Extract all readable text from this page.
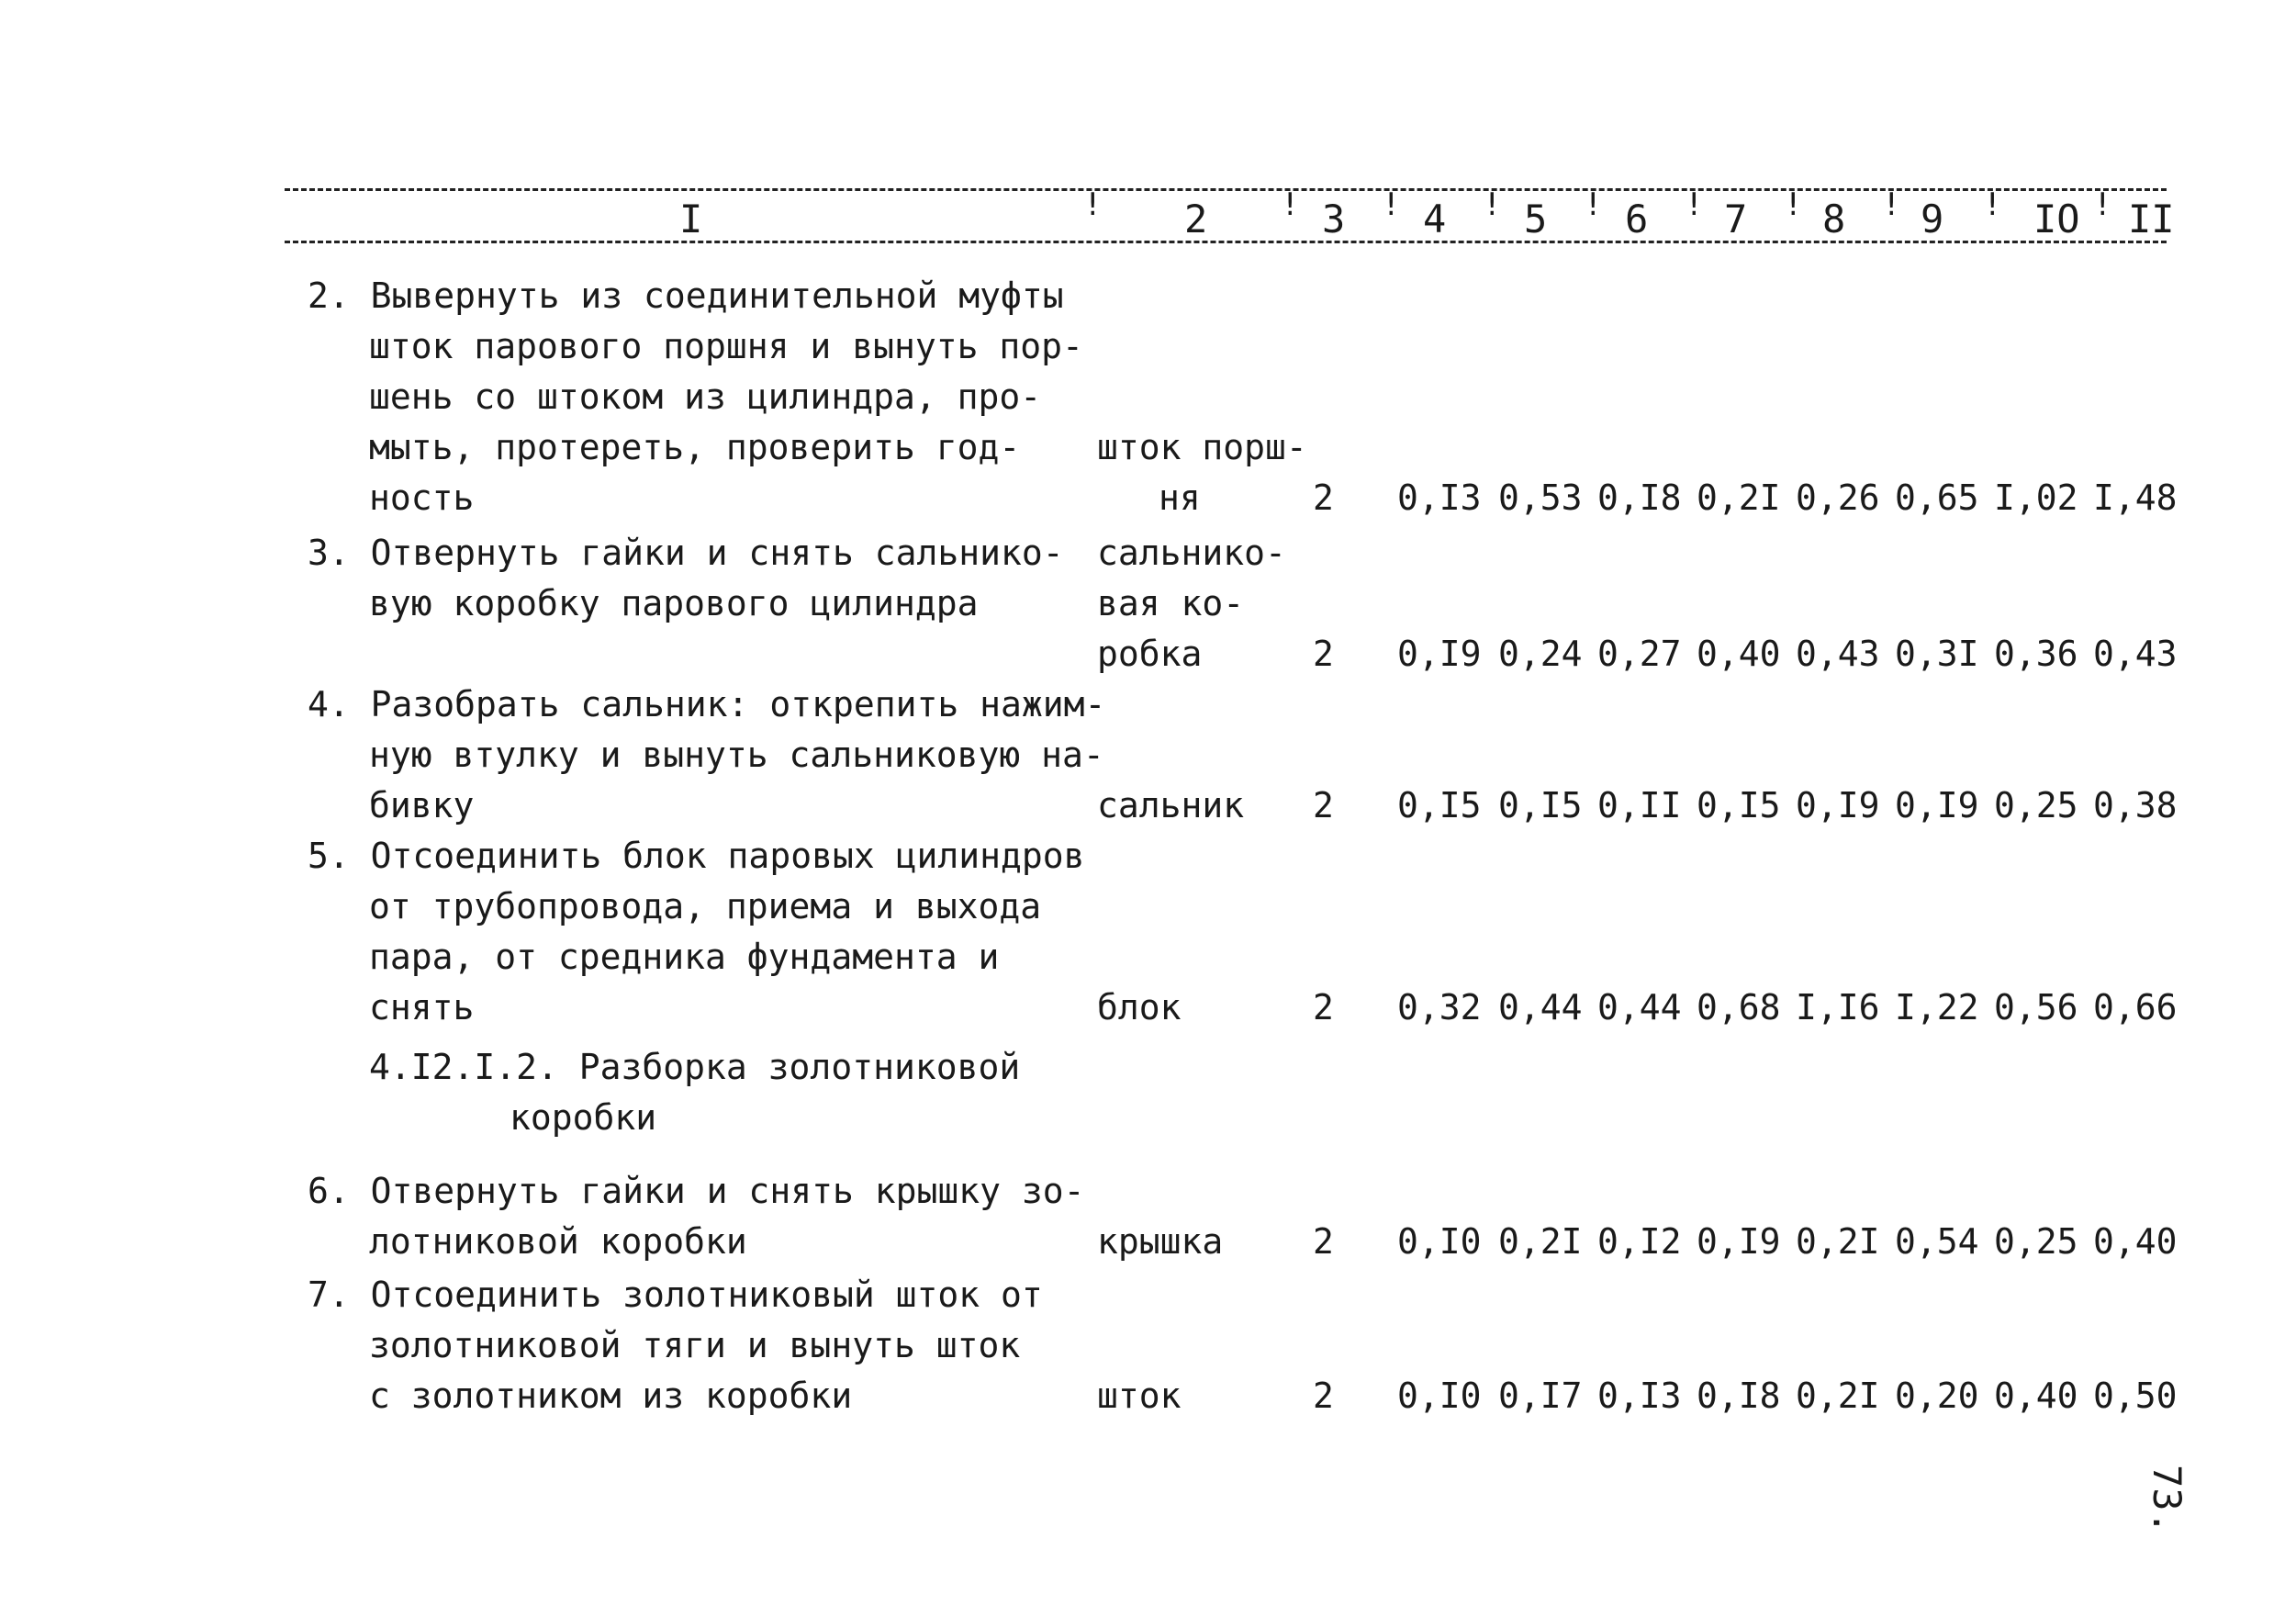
I	2	3 4 5 6 7 8 9 IO II
!	!	!	!	!	!	!	!	!	!
2. Вывернуть из соединительной муфты
шток парового поршня и вынуть пор-
шень со штоком из цилиндра, про-
мыть, протереть, проверить год-
ность
шток порш-
ня	2 0,I3 0,53 0,I8 0,2I 0,26 0,65 I,02 I,48
3. Отвернуть гайки и снять сальнико-
вую коробку парового цилиндра
сальнико-
вая ко-
робка	2 0,I9 0,24 0,27 0,40 0,43 0,3I 0,36 0,43
4. Разобрать сальник: открепить нажим-
ную втулку и вынуть сальниковую на-
бивку	сальник 2 0,I5 0,I5 0,II 0,I5 0,I9 0,I9 0,25 0,38
5. Отсоединить блок паровых цилиндров
от трубопровода, приема и выхода
пара, от средника фундамента и
снять	блок	2 0,32 0,44 0,44 0,68 I,I6 I,22 0,56 0,66
4.I2.I.2. Разборка золотниковой
коробки
6. Отвернуть гайки и снять крышку зо-
лотниковой коробки	крышка	2 0,I0 0,2I 0,I2 0,I9 0,2I 0,54 0,25 0,40
7. Отсоединить золотниковый шток от
золотниковой тяги и вынуть шток
с золотником из коробки	шток	2 0,I0 0,I7 0,I3 0,I8 0,2I 0,20 0,40 0,50
73.
